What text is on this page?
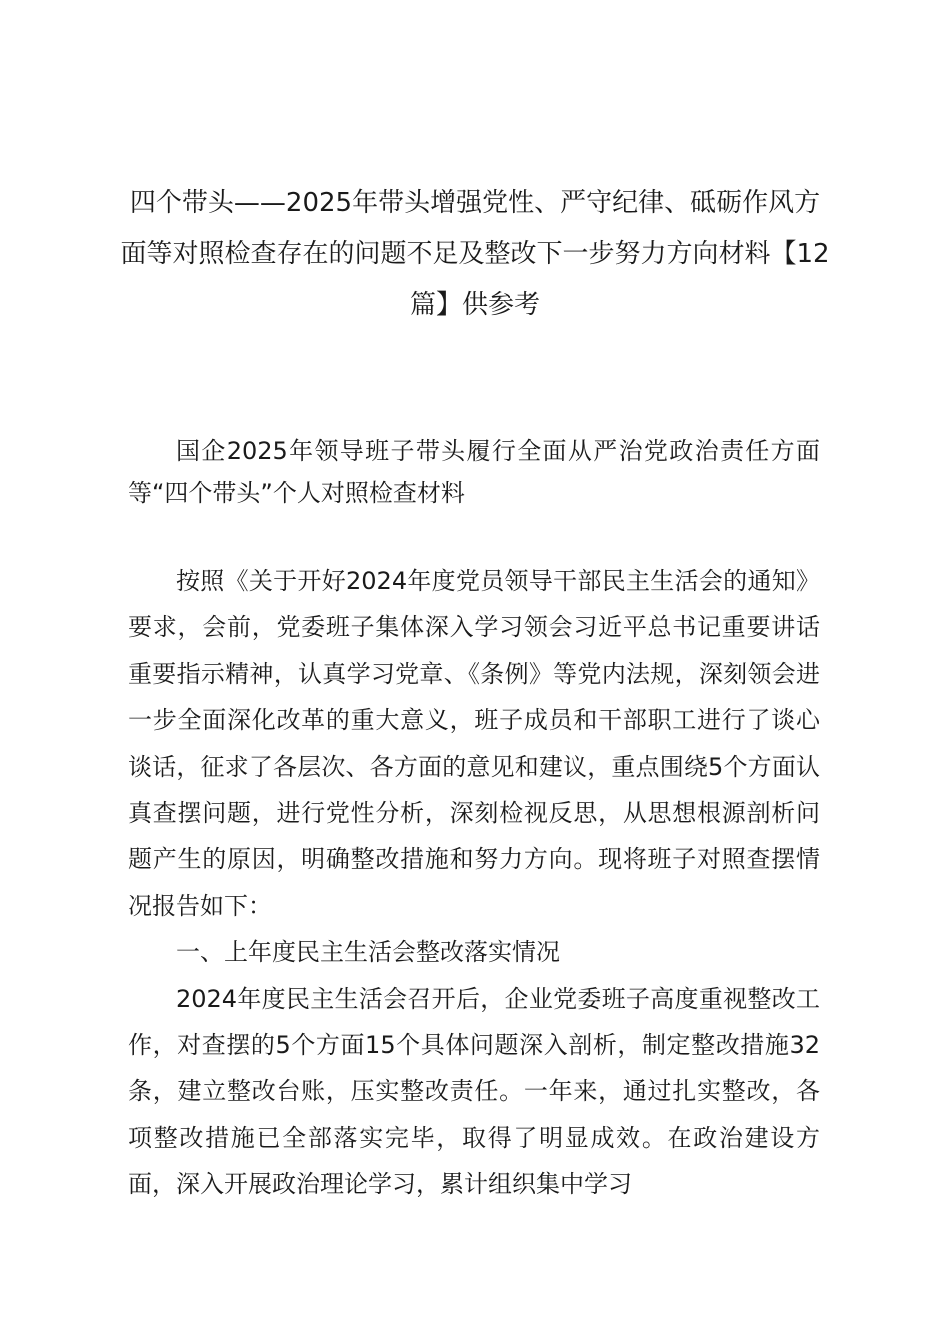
四个带头——2025年带头增强党性、严守纪律、砥砺作风方面等对照检查存在的问题不足及整改下一步努力方向材料【12篇】供参考

国企2025年领导班子带头履行全面从严治党政治责任方面等“四个带头”个人对照检查材料

按照《关于开好2024年度党员领导干部民主生活会的通知》要求，会前，党委班子集体深入学习领会习近平总书记重要讲话重要指示精神，认真学习党章、《条例》等党内法规，深刻领会进一步全面深化改革的重大意义，班子成员和干部职工进行了谈心谈话，征求了各层次、各方面的意见和建议，重点围绕5个方面认真查摆问题，进行党性分析，深刻检视反思，从思想根源剖析问题产生的原因，明确整改措施和努力方向。现将班子对照查摆情况报告如下：

一、上年度民主生活会整改落实情况

2024年度民主生活会召开后，企业党委班子高度重视整改工作，对查摆的5个方面15个具体问题深入剖析，制定整改措施32条，建立整改台账，压实整改责任。一年来，通过扎实整改，各项整改措施已全部落实完毕，取得了明显成效。在政治建设方面，深入开展政治理论学习，累计组织集中学习
